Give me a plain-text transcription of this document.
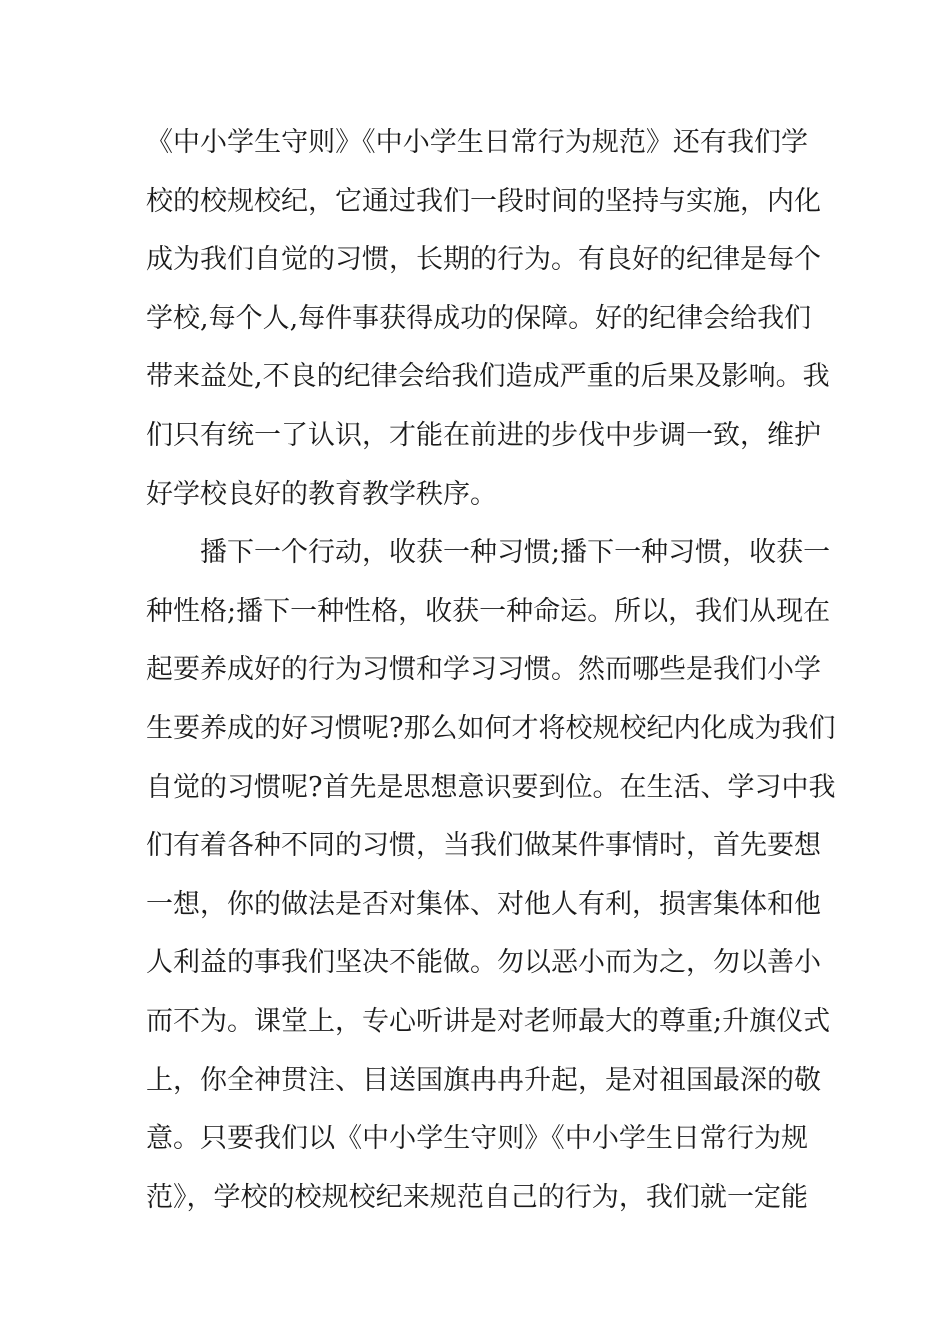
《中小学生守则》《中小学生日常行为规范》还有我们学
校的校规校纪，它通过我们一段时间的坚持与实施，内化
成为我们自觉的习惯，长期的行为。有良好的纪律是每个
学校,每个人,每件事获得成功的保障。好的纪律会给我们
带来益处,不良的纪律会给我们造成严重的后果及影响。我
们只有统一了认识，才能在前进的步伐中步调一致，维护
好学校良好的教育教学秩序。
播下一个行动，收获一种习惯;播下一种习惯，收获一
种性格;播下一种性格，收获一种命运。所以，我们从现在
起要养成好的行为习惯和学习习惯。然而哪些是我们小学
生要养成的好习惯呢?那么如何才将校规校纪内化成为我们
自觉的习惯呢?首先是思想意识要到位。在生活、学习中我
们有着各种不同的习惯，当我们做某件事情时，首先要想
一想，你的做法是否对集体、对他人有利，损害集体和他
人利益的事我们坚决不能做。勿以恶小而为之，勿以善小
而不为。课堂上，专心听讲是对老师最大的尊重;升旗仪式
上，你全神贯注、目送国旗冉冉升起，是对祖国最深的敬
意。只要我们以《中小学生守则》《中小学生日常行为规
范》，学校的校规校纪来规范自己的行为，我们就一定能
